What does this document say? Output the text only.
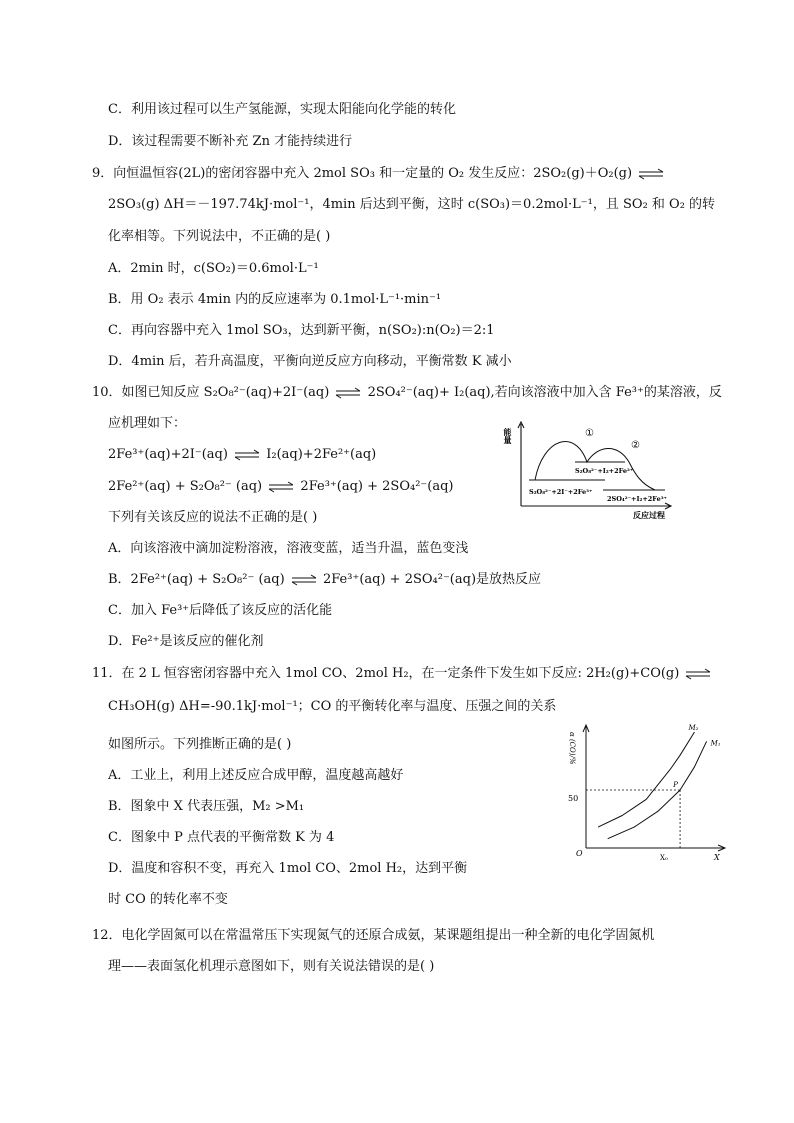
C．利用该过程可以生产氢能源，实现太阳能向化学能的转化
D．该过程需要不断补充 Zn 才能持续进行
9．向恒温恒容(2L)的密闭容器中充入 2mol SO₃ 和一定量的 O₂ 发生反应：2SO₂(g)＋O₂(g) ⇌
2SO₃(g) ΔH＝－197.74kJ·mol⁻¹，4min 后达到平衡，这时 c(SO₃)＝0.2mol·L⁻¹，且 SO₂ 和 O₂ 的转
化率相等。下列说法中，不正确的是( )
A．2min 时，c(SO₂)＝0.6mol·L⁻¹
B．用 O₂ 表示 4min 内的反应速率为 0.1mol·L⁻¹·min⁻¹
C．再向容器中充入 1mol SO₃，达到新平衡，n(SO₂):n(O₂)＝2:1
D．4min 后，若升高温度，平衡向逆反应方向移动，平衡常数 K 减小
10．如图已知反应 S₂O₈²⁻(aq)+2I⁻(aq) ⇌ 2SO₄²⁻(aq)+ I₂(aq),若向该溶液中加入含 Fe³⁺的某溶液，反
应机理如下：
2Fe³⁺(aq)+2I⁻(aq) ⇌ I₂(aq)+2Fe²⁺(aq)
2Fe²⁺(aq) + S₂O₈²⁻ (aq) ⇌ 2Fe³⁺(aq) + 2SO₄²⁻(aq)
下列有关该反应的说法不正确的是( )
A．向该溶液中滴加淀粉溶液，溶液变蓝，适当升温，蓝色变浅
B．2Fe²⁺(aq) + S₂O₈²⁻ (aq) ⇌ 2Fe³⁺(aq) + 2SO₄²⁻(aq)是放热反应
C．加入 Fe³⁺后降低了该反应的活化能
D．Fe²⁺是该反应的催化剂
能量
反应过程
①
②
S₂O₈²⁻+I₂+2Fe²⁺
S₂O₈²⁻+2I⁻+2Fe³⁺
2SO₄²⁻+I₂+2Fe³⁺
11．在 2 L 恒容密闭容器中充入 1mol CO、2mol H₂，在一定条件下发生如下反应: 2H₂(g)+CO(g) ⇌
CH₃OH(g) ΔH=-90.1kJ·mol⁻¹；CO 的平衡转化率与温度、压强之间的关系
如图所示。下列推断正确的是( )
A．工业上，利用上述反应合成甲醇，温度越高越好
B．图象中 X 代表压强，M₂ >M₁
C．图象中 P 点代表的平衡常数 K 为 4
D．温度和容积不变，再充入 1mol CO、2mol H₂，达到平衡
时 CO 的转化率不变
α (CO)/%
X
O
50
X₀
M₂
M₁
P
12．电化学固氮可以在常温常压下实现氮气的还原合成氨，某课题组提出一种全新的电化学固氮机
理——表面氢化机理示意图如下，则有关说法错误的是( )
